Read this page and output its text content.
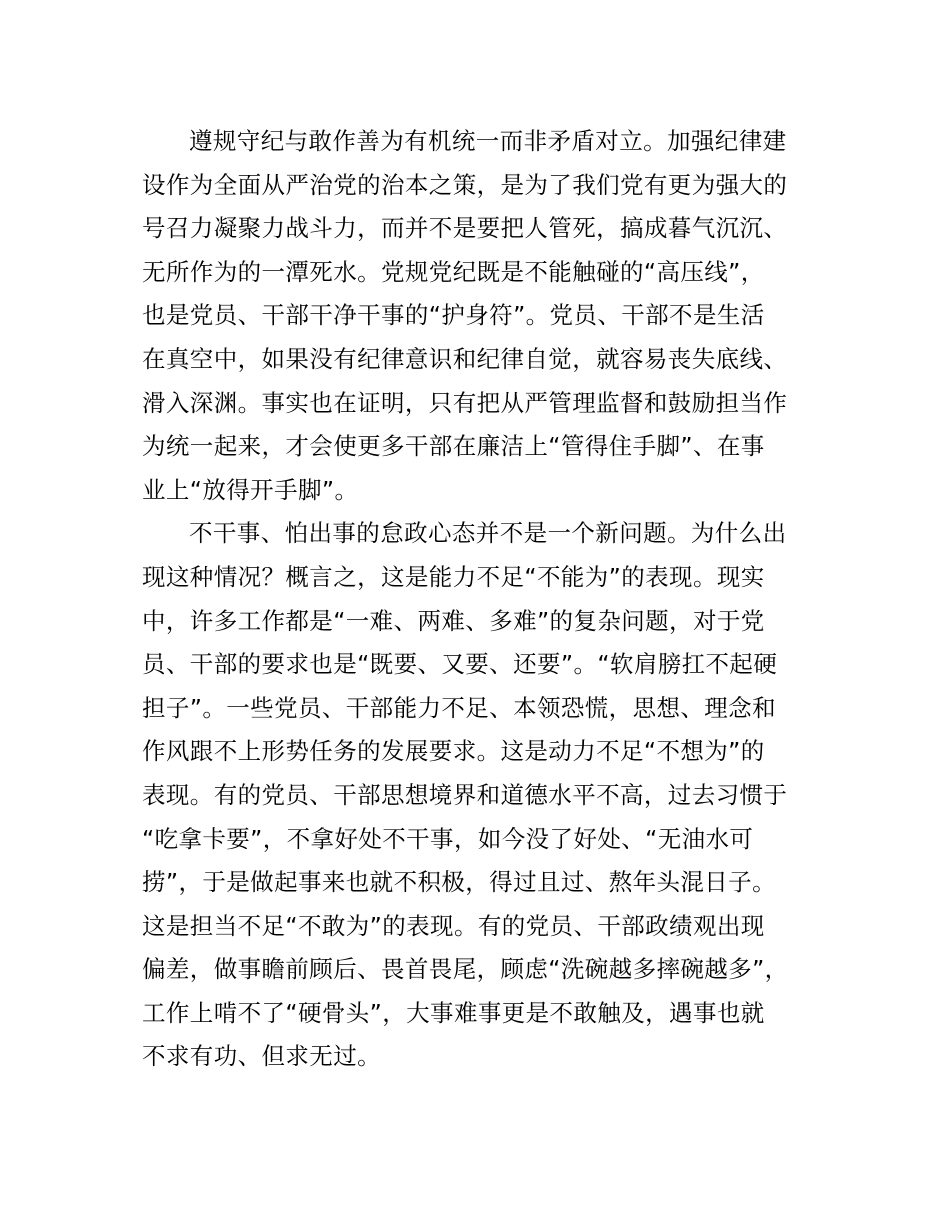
遵规守纪与敢作善为有机统一而非矛盾对立。加强纪律建
设作为全面从严治党的治本之策，是为了我们党有更为强大的
号召力凝聚力战斗力，而并不是要把人管死，搞成暮气沉沉、
无所作为的一潭死水。党规党纪既是不能触碰的“高压线”，
也是党员、干部干净干事的“护身符”。党员、干部不是生活
在真空中，如果没有纪律意识和纪律自觉，就容易丧失底线、
滑入深渊。事实也在证明，只有把从严管理监督和鼓励担当作
为统一起来，才会使更多干部在廉洁上“管得住手脚”、在事
业上“放得开手脚”。
不干事、怕出事的怠政心态并不是一个新问题。为什么出
现这种情况？概言之，这是能力不足“不能为”的表现。现实
中，许多工作都是“一难、两难、多难”的复杂问题，对于党
员、干部的要求也是“既要、又要、还要”。“软肩膀扛不起硬
担子”。一些党员、干部能力不足、本领恐慌，思想、理念和
作风跟不上形势任务的发展要求。这是动力不足“不想为”的
表现。有的党员、干部思想境界和道德水平不高，过去习惯于
“吃拿卡要”，不拿好处不干事，如今没了好处、“无油水可
捞”，于是做起事来也就不积极，得过且过、熬年头混日子。
这是担当不足“不敢为”的表现。有的党员、干部政绩观出现
偏差，做事瞻前顾后、畏首畏尾，顾虑“洗碗越多摔碗越多”，
工作上啃不了“硬骨头”，大事难事更是不敢触及，遇事也就
不求有功、但求无过。
